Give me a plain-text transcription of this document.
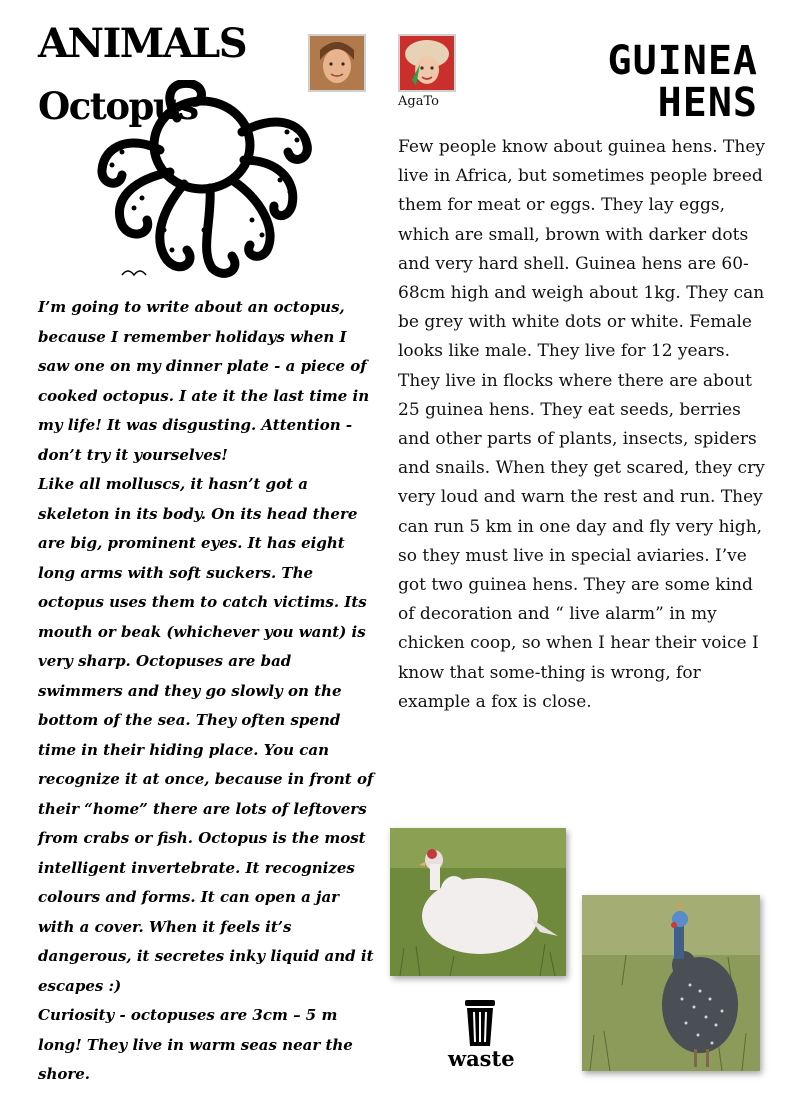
ANIMALS
Octopus

I’m going to write about an octopus, because I remember holidays when I saw one on my dinner plate - a piece of cooked octopus. I ate it the last time in my life! It was disgusting. Attention - don’t try it yourselves!

Like all molluscs, it hasn’t got a skeleton in its body. On its head there are big, prominent eyes. It has eight long arms with soft suckers. The octopus uses them to catch victims. Its mouth or beak (whichever you want) is very sharp. Octopuses are bad swimmers and they go slowly on the bottom of the sea. They often spend time in their hiding place. You can recognize it at once, because in front of their “home” there are lots of leftovers from crabs or fish. Octopus is the most intelligent invertebrate. It recognizes colours and forms. It can open a jar with a cover. When it feels it’s dangerous, it secretes inky liquid and it escapes :)

Curiosity - octopuses are 3cm – 5 m long! They live in warm seas near the shore.

AgaTo
GUINEA
HENS

Few people know about guinea hens. They live in Africa, but sometimes people breed them for meat or eggs. They lay eggs, which are small, brown with darker dots and very hard shell. Guinea hens are 60-68cm high and weigh about 1kg. They can be grey with white dots or white. Female looks like male. They live for 12 years. They live in flocks where there are about 25 guinea hens. They eat seeds, berries and other parts of plants, insects, spiders and snails. When they get scared, they cry very loud and warn the rest and run. They can run 5 km in one day and fly very high, so they must live in special aviaries. I’ve got two guinea hens. They are some kind of decoration and “ live alarm” in my chicken coop, so when I hear their voice I know that some-thing is wrong, for example a fox is close.

waste
